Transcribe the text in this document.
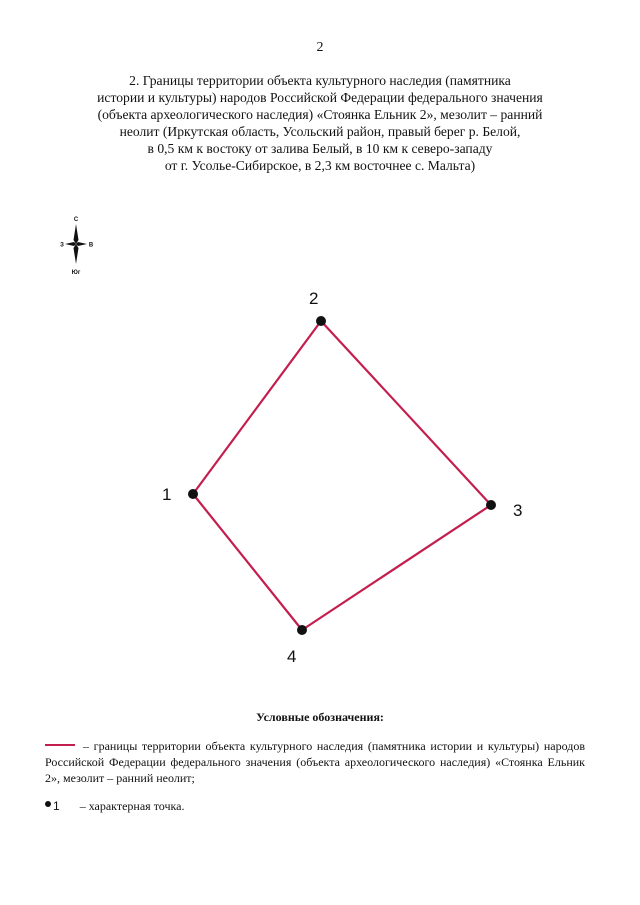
2
2. Границы территории объекта культурного наследия (памятника
истории и культуры) народов Российской Федерации федерального значения
(объекта археологического наследия) «Стоянка Ельник 2», мезолит – ранний
неолит (Иркутская область, Усольский район, правый берег р. Белой,
в 0,5 км к востоку от залива Белый, в 10 км к северо-западу
от г. Усолье-Сибирское, в 2,3 км восточнее с. Мальта)
С
З	В
Юг
1
2
3
4
Условные обозначения:
– границы территории объекта культурного наследия (памятника истории и культуры) народов Российской Федерации федерального значения (объекта археологического наследия) «Стоянка Ельник 2», мезолит – ранний неолит;
1 – характерная точка.
